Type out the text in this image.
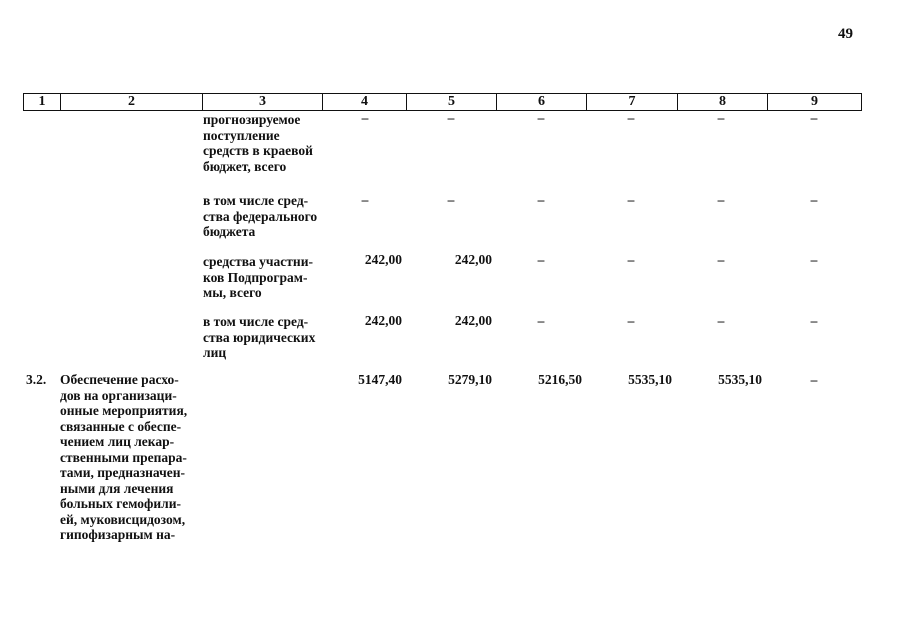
49
1	2	3	4	5	6	7	8	9
прогнозируемое
поступление
средств в краевой
бюджет, всего
–	–	–	–	–	–
в том числе сред-
ства федерального
бюджета
–	–	–	–	–	–
средства участни-
ков Подпрограм-
мы, всего
242,00	242,00	–	–	–	–
в том числе сред-
ства юридических
лиц
242,00	242,00	–	–	–	–
3.2.	Обеспечение расхо-
дов на организаци-
онные мероприятия,
связанные с обеспе-
чением лиц лекар-
ственными препара-
тами, предназначен-
ными для лечения
больных гемофили-
ей, муковисцидозом,
гипофизарным на-
5147,40	5279,10	5216,50	5535,10	5535,10	–
